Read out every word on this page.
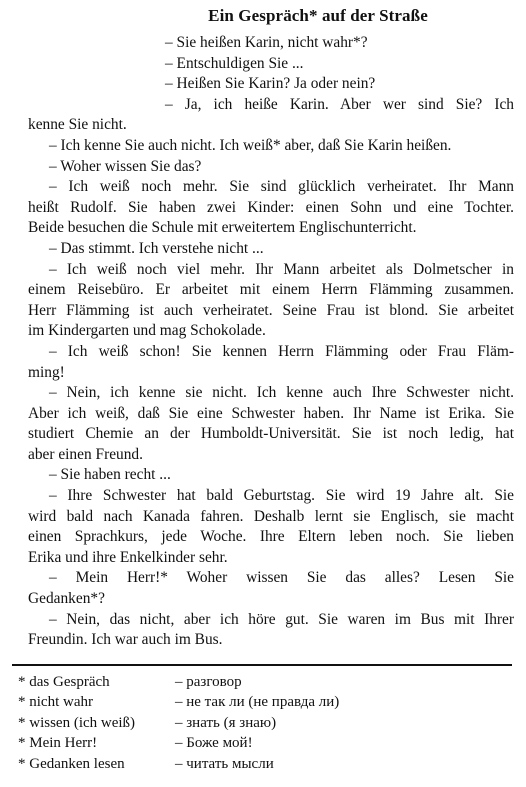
Ein Gespräch* auf der Straße

– Sie heißen Karin, nicht wahr*?

– Entschuldigen Sie ...

– Heißen Sie Karin? Ja oder nein?

– Ja, ich heiße Karin. Aber wer sind Sie? Ich

kenne Sie nicht.

– Ich kenne Sie auch nicht. Ich weiß* aber, daß Sie Karin heißen.

– Woher wissen Sie das?

– Ich weiß noch mehr. Sie sind glücklich verheiratet. Ihr Mann

heißt Rudolf. Sie haben zwei Kinder: einen Sohn und eine Tochter.

Beide besuchen die Schule mit erweitertem Englischunterricht.

– Das stimmt. Ich verstehe nicht ...

– Ich weiß noch viel mehr. Ihr Mann arbeitet als Dolmetscher in

einem Reisebüro. Er arbeitet mit einem Herrn Flämming zusammen.

Herr Flämming ist auch verheiratet. Seine Frau ist blond. Sie arbeitet

im Kindergarten und mag Schokolade.

– Ich weiß schon! Sie kennen Herrn Flämming oder Frau Fläm-

ming!

– Nein, ich kenne sie nicht. Ich kenne auch Ihre Schwester nicht.

Aber ich weiß, daß Sie eine Schwester haben. Ihr Name ist Erika. Sie

studiert Chemie an der Humboldt-Universität. Sie ist noch ledig, hat

aber einen Freund.

– Sie haben recht ...

– Ihre Schwester hat bald Geburtstag. Sie wird 19 Jahre alt. Sie

wird bald nach Kanada fahren. Deshalb lernt sie Englisch, sie macht

einen Sprachkurs, jede Woche. Ihre Eltern leben noch. Sie lieben

Erika und ihre Enkelkinder sehr.

– Mein Herr!* Woher wissen Sie das alles? Lesen Sie

Gedanken*?

– Nein, das nicht, aber ich höre gut. Sie waren im Bus mit Ihrer

Freundin. Ich war auch im Bus.

* das Gespräch	– разговор
* nicht wahr	– не так ли (не правда ли)
* wissen (ich weiß)	– знать (я знаю)
* Mein Herr!	– Боже мой!
* Gedanken lesen	– читать мысли
